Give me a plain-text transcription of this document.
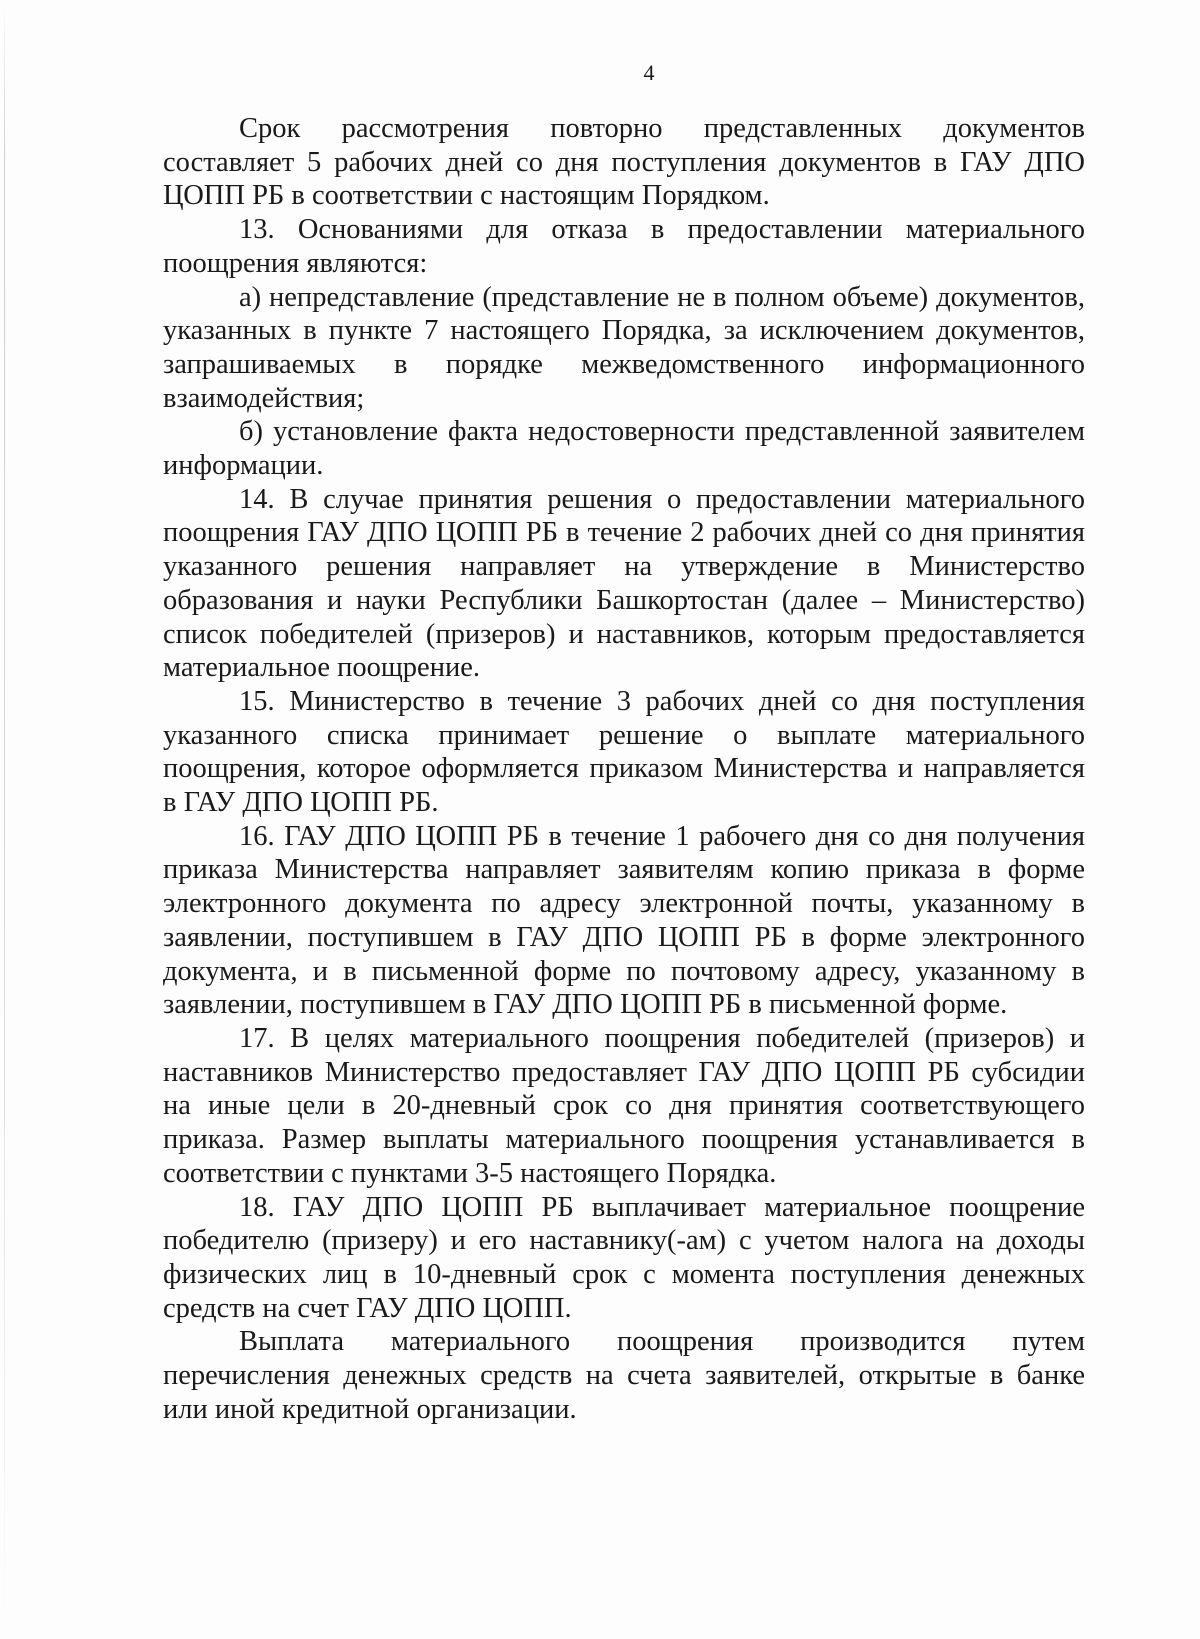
4

Срок рассмотрения повторно представленных документов составляет 5 рабочих дней со дня поступления документов в ГАУ ДПО ЦОПП РБ в соответствии с настоящим Порядком.

13. Основаниями для отказа в предоставлении материального поощрения являются:

а) непредставление (представление не в полном объеме) документов, указанных в пункте 7 настоящего Порядка, за исключением документов, запрашиваемых в порядке межведомственного информационного взаимодействия;

б) установление факта недостоверности представленной заявителем информации.

14. В случае принятия решения о предоставлении материального поощрения ГАУ ДПО ЦОПП РБ в течение 2 рабочих дней со дня принятия указанного решения направляет на утверждение в Министерство образования и науки Республики Башкортостан (далее – Министерство) список победителей (призеров) и наставников, которым предоставляется материальное поощрение.

15. Министерство в течение 3 рабочих дней со дня поступления указанного списка принимает решение о выплате материального поощрения, которое оформляется приказом Министерства и направляется в ГАУ ДПО ЦОПП РБ.

16. ГАУ ДПО ЦОПП РБ в течение 1 рабочего дня со дня получения приказа Министерства направляет заявителям копию приказа в форме электронного документа по адресу электронной почты, указанному в заявлении, поступившем в ГАУ ДПО ЦОПП РБ в форме электронного документа, и в письменной форме по почтовому адресу, указанному в заявлении, поступившем в ГАУ ДПО ЦОПП РБ в письменной форме.

17. В целях материального поощрения победителей (призеров) и наставников Министерство предоставляет ГАУ ДПО ЦОПП РБ субсидии на иные цели в 20-дневный срок со дня принятия соответствующего приказа. Размер выплаты материального поощрения устанавливается в соответствии с пунктами 3-5 настоящего Порядка.

18. ГАУ ДПО ЦОПП РБ выплачивает материальное поощрение победителю (призеру) и его наставнику(-ам) с учетом налога на доходы физических лиц в 10-дневный срок с момента поступления денежных средств на счет ГАУ ДПО ЦОПП.

Выплата материального поощрения производится путем перечисления денежных средств на счета заявителей, открытые в банке или иной кредитной организации.
